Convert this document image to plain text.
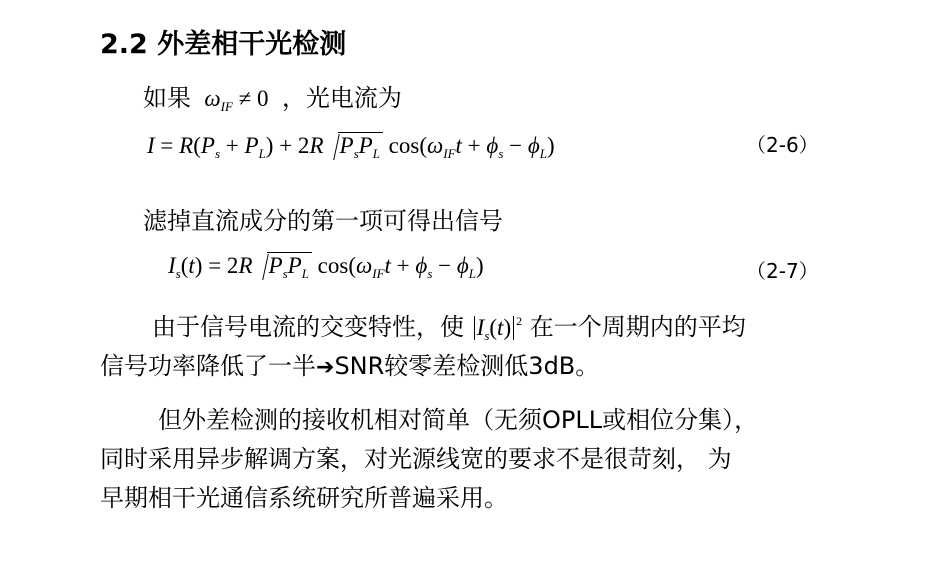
2.2 外差相干光检测
如果 $\omega_{IF} \ne 0$  ，光电流为
$I = R(P_s + P_L) + 2R$ $P_sP_L$ $\cos(\omega_{IF}t + \phi_s - \phi_L)$	（2-6）
滤掉直流成分的第一项可得出信号
$I_s(t) = 2R$ $P_sP_L$ $\cos(\omega_{IF}t + \phi_s - \phi_L)$	（2-7）
由于信号电流的交变特性，使 $I_s(t)$ $^2$ 在一个周期内的平均
信号功率降低了一半➔SNR较零差检测低3dB。
但外差检测的接收机相对简单（无须OPLL或相位分集），
同时采用异步解调方案，对光源线宽的要求不是很苛刻， 为
早期相干光通信系统研究所普遍采用。
